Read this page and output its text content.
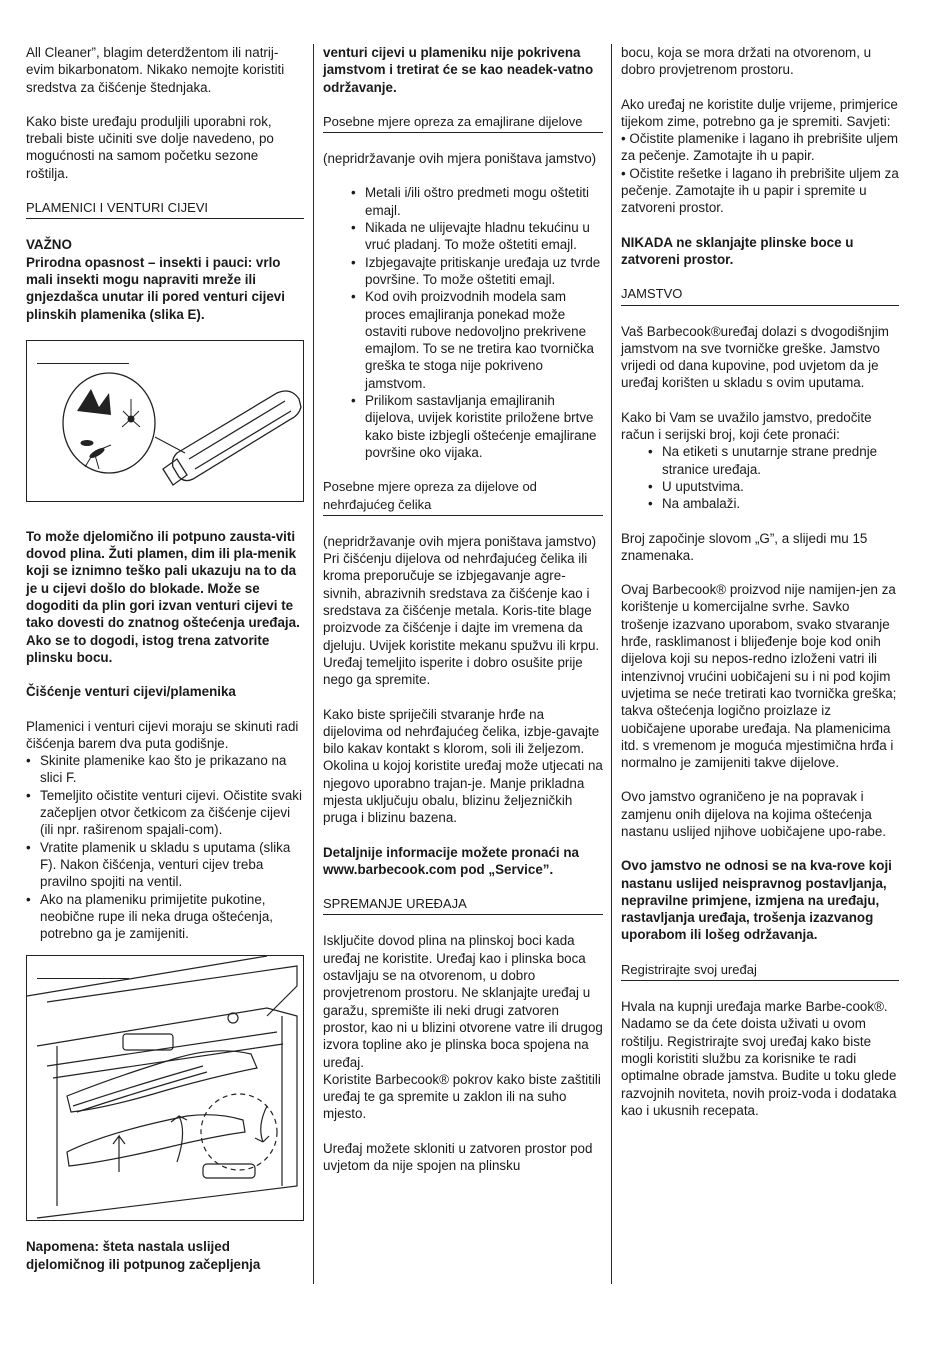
All Cleaner”, blagim deterdžentom ili natrij-evim bikarbonatom. Nikako nemojte koristiti sredstva za čišćenje štednjaka.

Kako biste uređaju produljili uporabni rok, trebali biste učiniti sve dolje navedeno, po mogućnosti na samom početku sezone roštilja.

PLAMENICI I VENTURI CIJEVI
VAŽNO

Prirodna opasnost – insekti i pauci: vrlo mali insekti mogu napraviti mreže ili gnjezdašca unutar ili pored venturi cijevi plinskih plamenika (slika E).

To može djelomično ili potpuno zausta-viti dovod plina. Žuti plamen, dim ili pla-menik koji se iznimno teško pali ukazuju na to da je u cijevi došlo do blokade. Može se dogoditi da plin gori izvan venturi cijevi te tako dovesti do znatnog oštećenja uređaja. Ako se to dogodi, istog trena zatvorite plinsku bocu.

Čišćenje venturi cijevi/plamenika

Plamenici i venturi cijevi moraju se skinuti radi čišćenja barem dva puta godišnje.
• Skinite plamenike kao što je prikazano na slici F.
• Temeljito očistite venturi cijevi. Očistite svaki začepljen otvor četkicom za čišćenje cijevi (ili npr. raširenom spajali-com).
• Vratite plamenik u skladu s uputama (slika F). Nakon čišćenja, venturi cijev treba pravilno spojiti na ventil.
• Ako na plameniku primijetite pukotine, neobične rupe ili neka druga oštećenja, potrebno ga je zamijeniti.

Napomena: šteta nastala uslijed djelomičnog ili potpunog začepljenja

venturi cijevi u plameniku nije pokrivena jamstvom i tretirat će se kao neadek-vatno održavanje.

Posebne mjere opreza za emajlirane dijelove

(nepridržavanje ovih mjera poništava jamstvo)

• Metali i/ili oštro predmeti mogu oštetiti emajl.
• Nikada ne ulijevajte hladnu tekućinu u vruć pladanj. To može oštetiti emajl.
• Izbjegavajte pritiskanje uređaja uz tvrde površine. To može oštetiti emajl.
• Kod ovih proizvodnih modela sam proces emajliranja ponekad može ostaviti rubove nedovoljno prekrivene emajlom. To se ne tretira kao tvornička greška te stoga nije pokriveno jamstvom.
• Prilikom sastavljanja emajliranih dijelova, uvijek koristite priložene brtve kako biste izbjegli oštećenje emajlirane površine oko vijaka.
Posebne mjere opreza za dijelove od nehrđajućeg čelika

(nepridržavanje ovih mjera poništava jamstvo)
Pri čišćenju dijelova od nehrđajućeg čelika ili kroma preporučuje se izbjegavanje agre-sivnih, abrazivnih sredstava za čišćenje kao i sredstava za čišćenje metala. Koris-tite blage proizvode za čišćenje i dajte im vremena da djeluju. Uvijek koristite mekanu spužvu ili krpu. Uređaj temeljito isperite i dobro osušite prije nego ga spremite.

Kako biste spriječili stvaranje hrđe na dijelovima od nehrđajućeg čelika, izbje-gavajte bilo kakav kontakt s klorom, soli ili željezom. Okolina u kojoj koristite uređaj može utjecati na njegovo uporabno trajan-je. Manje prikladna mjesta uključuju obalu, blizinu željezničkih pruga i blizinu bazena.

Detaljnije informacije možete pronaći na www.barbecook.com pod „Service”.

SPREMANJE UREĐAJA

Isključite dovod plina na plinskoj boci kada uređaj ne koristite. Uređaj kao i plinska boca ostavljaju se na otvorenom, u dobro provjetrenom prostoru. Ne sklanjajte uređaj u garažu, spremište ili neki drugi zatvoren prostor, kao ni u blizini otvorene vatre ili drugog izvora topline ako je plinska boca spojena na uređaj.
Koristite Barbecook® pokrov kako biste zaštitili uređaj te ga spremite u zaklon ili na suho mjesto.

Uređaj možete skloniti u zatvoren prostor pod uvjetom da nije spojen na plinsku

bocu, koja se mora držati na otvorenom, u dobro provjetrenom prostoru.

Ako uređaj ne koristite dulje vrijeme, primjerice tijekom zime, potrebno ga je spremiti. Savjeti:
• Očistite plamenike i lagano ih prebrišite uljem za pečenje. Zamotajte ih u papir.
• Očistite rešetke i lagano ih prebrišite uljem za pečenje. Zamotajte ih u papir i spremite u zatvoreni prostor.

NIKADA ne sklanjajte plinske boce u zatvoreni prostor.

JAMSTVO

Vaš Barbecook®uređaj dolazi s dvogodišnjim jamstvom na sve tvorničke greške. Jamstvo vrijedi od dana kupovine, pod uvjetom da je uređaj korišten u skladu s ovim uputama.

Kako bi Vam se uvažilo jamstvo, predočite račun i serijski broj, koji ćete pronaći:
• Na etiketi s unutarnje strane prednje stranice uređaja.
• U uputstvima.
• Na ambalaži.

Broj započinje slovom „G”, a slijedi mu 15 znamenaka.

Ovaj Barbecook® proizvod nije namijen-jen za korištenje u komercijalne svrhe. Savko trošenje izazvano uporabom, svako stvaranje hrđe, rasklimanost i blijeđenje boje kod onih dijelova koji su nepos-redno izloženi vatri ili intenzivnoj vrućini uobičajeni su i ni pod kojim uvjetima se neće tretirati kao tvornička greška; takva oštećenja logično proizlaze iz uobičajene uporabe uređaja. Na plamenicima itd. s vremenom je moguća mjestimična hrđa i normalno je zamijeniti takve dijelove.

Ovo jamstvo ograničeno je na popravak i zamjenu onih dijelova na kojima oštećenja nastanu uslijed njihove uobičajene upo-rabe.

Ovo jamstvo ne odnosi se na kva-rove koji nastanu uslijed neispravnog postavljanja, nepravilne primjene, izmjena na uređaju, rastavljanja uređaja, trošenja izazvanog uporabom ili lošeg održavanja.

Registrirajte svoj uređaj

Hvala na kupnji uređaja marke Barbe-cook®. Nadamo se da ćete doista uživati u ovom roštilju. Registrirajte svoj uređaj kako biste mogli koristiti službu za korisnike te radi optimalne obrade jamstva. Budite u toku glede razvojnih noviteta, novih proiz-voda i dodataka kao i ukusnih recepata.
